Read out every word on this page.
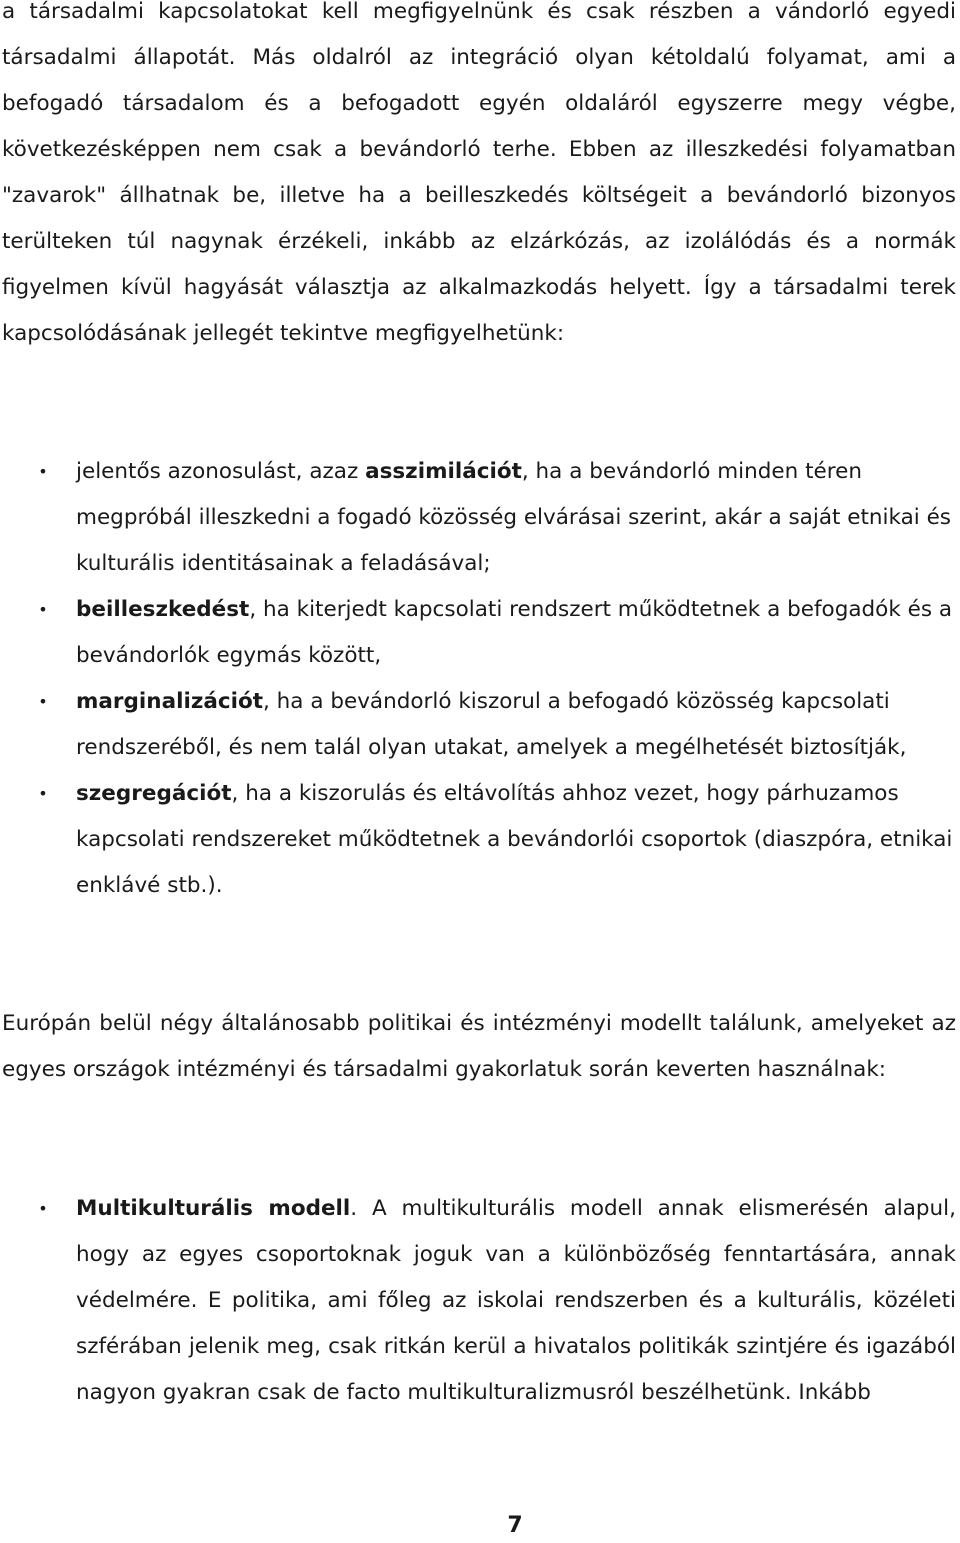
a társadalmi kapcsolatokat kell megfigyelnünk és csak részben a vándorló egyedi társadalmi állapotát. Más oldalról az integráció olyan kétoldalú folyamat, ami a befogadó társadalom és a befogadott egyén oldaláról egyszerre megy végbe, következésképpen nem csak a bevándorló terhe. Ebben az illeszkedési folyamatban "zavarok" állhatnak be, illetve ha a beilleszkedés költségeit a bevándorló bizonyos terülteken túl nagynak érzékeli, inkább az elzárkózás, az izolálódás és a normák figyelmen kívül hagyását választja az alkalmazkodás helyett. Így a társadalmi terek kapcsolódásának jellegét tekintve megfigyelhetünk:

• jelentős azonosulást, azaz asszimilációt, ha a bevándorló minden téren megpróbál illeszkedni a fogadó közösség elvárásai szerint, akár a saját etnikai és kulturális identitásainak a feladásával;
• beilleszkedést, ha kiterjedt kapcsolati rendszert működtetnek a befogadók és a bevándorlók egymás között,
• marginalizációt, ha a bevándorló kiszorul a befogadó közösség kapcsolati rendszeréből, és nem talál olyan utakat, amelyek a megélhetését biztosítják,
• szegregációt, ha a kiszorulás és eltávolítás ahhoz vezet, hogy párhuzamos kapcsolati rendszereket működtetnek a bevándorlói csoportok (diaszpóra, etnikai enklávé stb.).

Európán belül négy általánosabb politikai és intézményi modellt találunk, amelyeket az egyes országok intézményi és társadalmi gyakorlatuk során keverten használnak:

• Multikulturális modell. A multikulturális modell annak elismerésén alapul, hogy az egyes csoportoknak joguk van a különbözőség fenntartására, annak védelmére. E politika, ami főleg az iskolai rendszerben és a kulturális, közéleti szférában jelenik meg, csak ritkán kerül a hivatalos politikák szintjére és igazából nagyon gyakran csak de facto multikulturalizmusról beszélhetünk. Inkább
7
